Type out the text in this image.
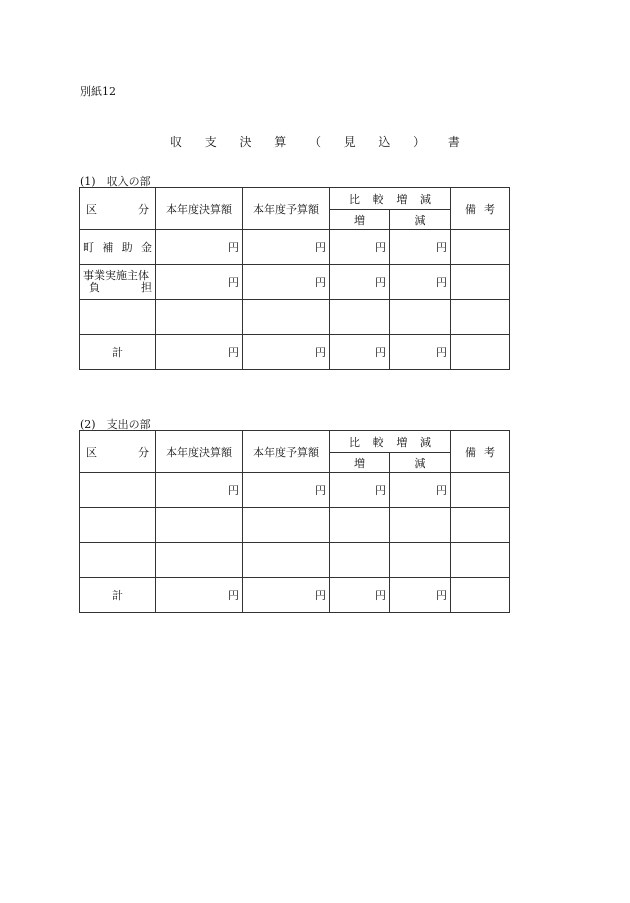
別紙12
収 支 決 算 （ 見 込 ） 書
(1)　収入の部
区 分	本年度決算額	本年度予算額	比 較 増 減		備 考

			増	減	

町 補 助 金	円	円	円	円	

事業実施主体
負 担	円	円	円	円	

計	円	円	円	円	
(2)　支出の部
区 分	本年度決算額	本年度予算額	比 較 増 減		備 考

			増	減	
	円	円	円	円	

計	円	円	円	円	
